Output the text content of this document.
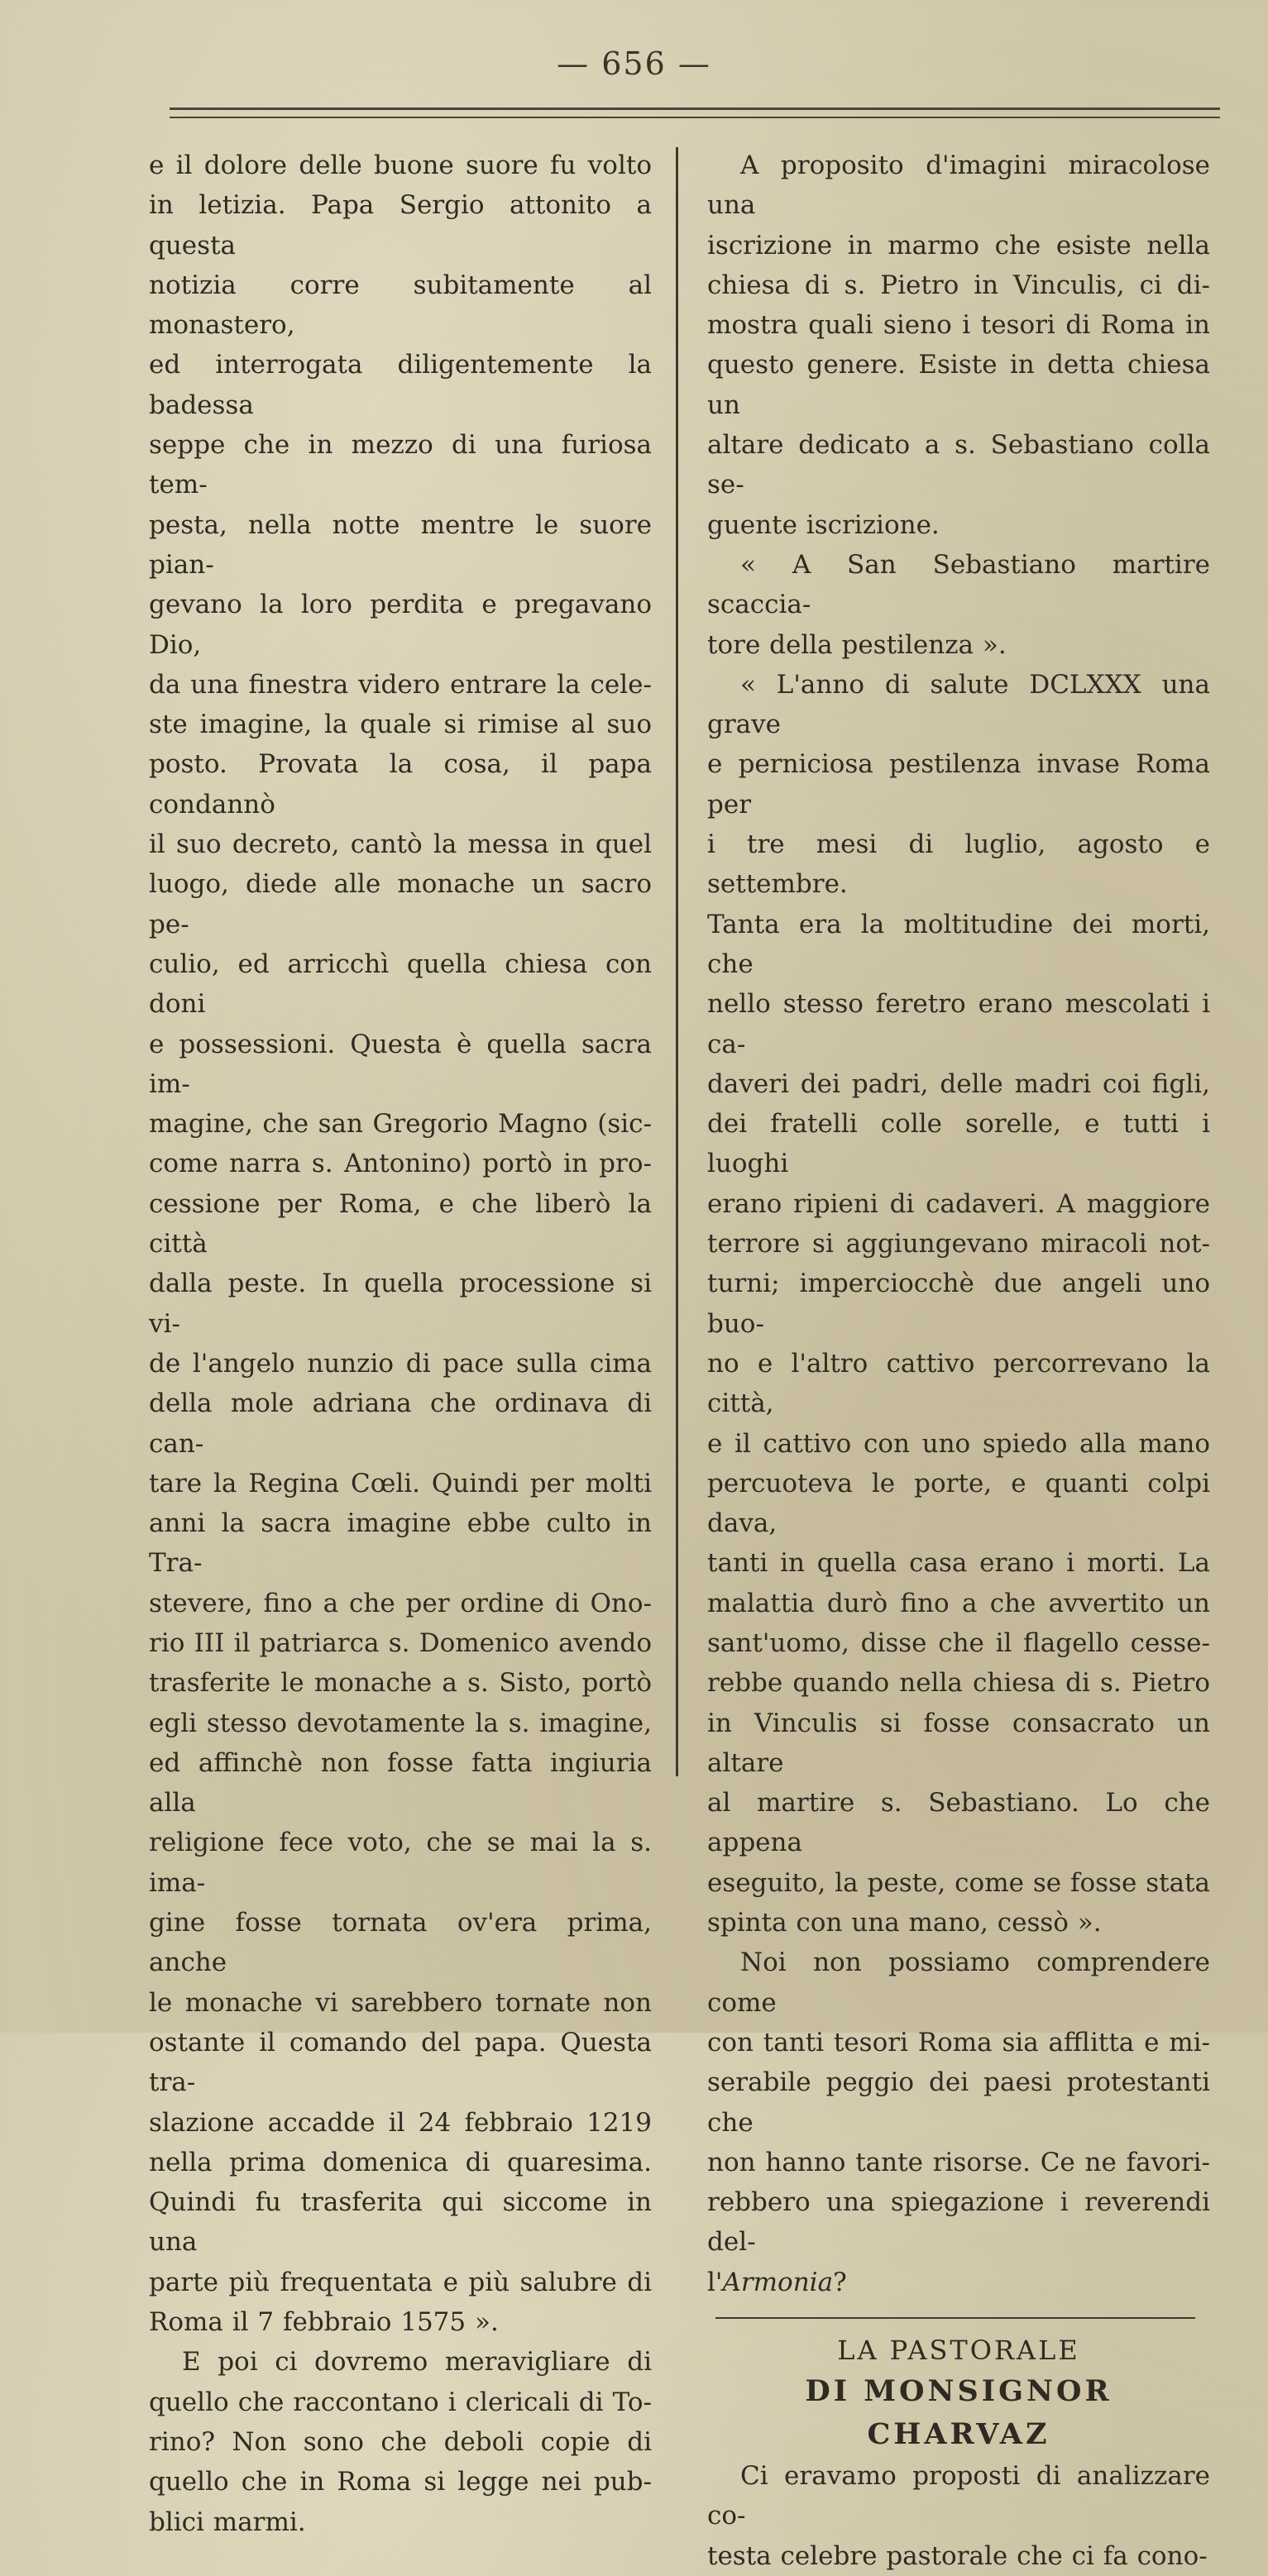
— 656 —
e il dolore delle buone suore fu volto
in letizia. Papa Sergio attonito a questa
notizia corre subitamente al monastero,
ed interrogata diligentemente la badessa
seppe che in mezzo di una furiosa tem-
pesta, nella notte mentre le suore pian-
gevano la loro perdita e pregavano Dio,
da una finestra videro entrare la cele-
ste imagine, la quale si rimise al suo
posto. Provata la cosa, il papa condannò
il suo decreto, cantò la messa in quel
luogo, diede alle monache un sacro pe-
culio, ed arricchì quella chiesa con doni
e possessioni. Questa è quella sacra im-
magine, che san Gregorio Magno (sic-
come narra s. Antonino) portò in pro-
cessione per Roma, e che liberò la città
dalla peste. In quella processione si vi-
de l'angelo nunzio di pace sulla cima
della mole adriana che ordinava di can-
tare la Regina Cœli. Quindi per molti
anni la sacra imagine ebbe culto in Tra-
stevere, fino a che per ordine di Ono-
rio III il patriarca s. Domenico avendo
trasferite le monache a s. Sisto, portò
egli stesso devotamente la s. imagine,
ed affinchè non fosse fatta ingiuria alla
religione fece voto, che se mai la s. ima-
gine fosse tornata ov'era prima, anche
le monache vi sarebbero tornate non
ostante il comando del papa. Questa tra-
slazione accadde il 24 febbraio 1219
nella prima domenica di quaresima.
Quindi fu trasferita qui siccome in una
parte più frequentata e più salubre di
Roma il 7 febbraio 1575 ».
E poi ci dovremo meravigliare di
quello che raccontano i clericali di To-
rino? Non sono che deboli copie di
quello che in Roma si legge nei pub-
blici marmi.
A proposito d'imagini miracolose una
iscrizione in marmo che esiste nella
chiesa di s. Pietro in Vinculis, ci di-
mostra quali sieno i tesori di Roma in
questo genere. Esiste in detta chiesa un
altare dedicato a s. Sebastiano colla se-
guente iscrizione.
« A San Sebastiano martire scaccia-
tore della pestilenza ».
« L'anno di salute DCLXXX una grave
e perniciosa pestilenza invase Roma per
i tre mesi di luglio, agosto e settembre.
Tanta era la moltitudine dei morti, che
nello stesso feretro erano mescolati i ca-
daveri dei padri, delle madri coi figli,
dei fratelli colle sorelle, e tutti i luoghi
erano ripieni di cadaveri. A maggiore
terrore si aggiungevano miracoli not-
turni; imperciocchè due angeli uno buo-
no e l'altro cattivo percorrevano la città,
e il cattivo con uno spiedo alla mano
percuoteva le porte, e quanti colpi dava,
tanti in quella casa erano i morti. La
malattia durò fino a che avvertito un
sant'uomo, disse che il flagello cesse-
rebbe quando nella chiesa di s. Pietro
in Vinculis si fosse consacrato un altare
al martire s. Sebastiano. Lo che appena
eseguito, la peste, come se fosse stata
spinta con una mano, cessò ».
Noi non possiamo comprendere come
con tanti tesori Roma sia afflitta e mi-
serabile peggio dei paesi protestanti che
non hanno tante risorse. Ce ne favori-
rebbero una spiegazione i reverendi del-
l'Armonia?
LA PASTORALE
DI MONSIGNOR CHARVAZ
Ci eravamo proposti di analizzare co-
testa celebre pastorale che ci fa cono-
